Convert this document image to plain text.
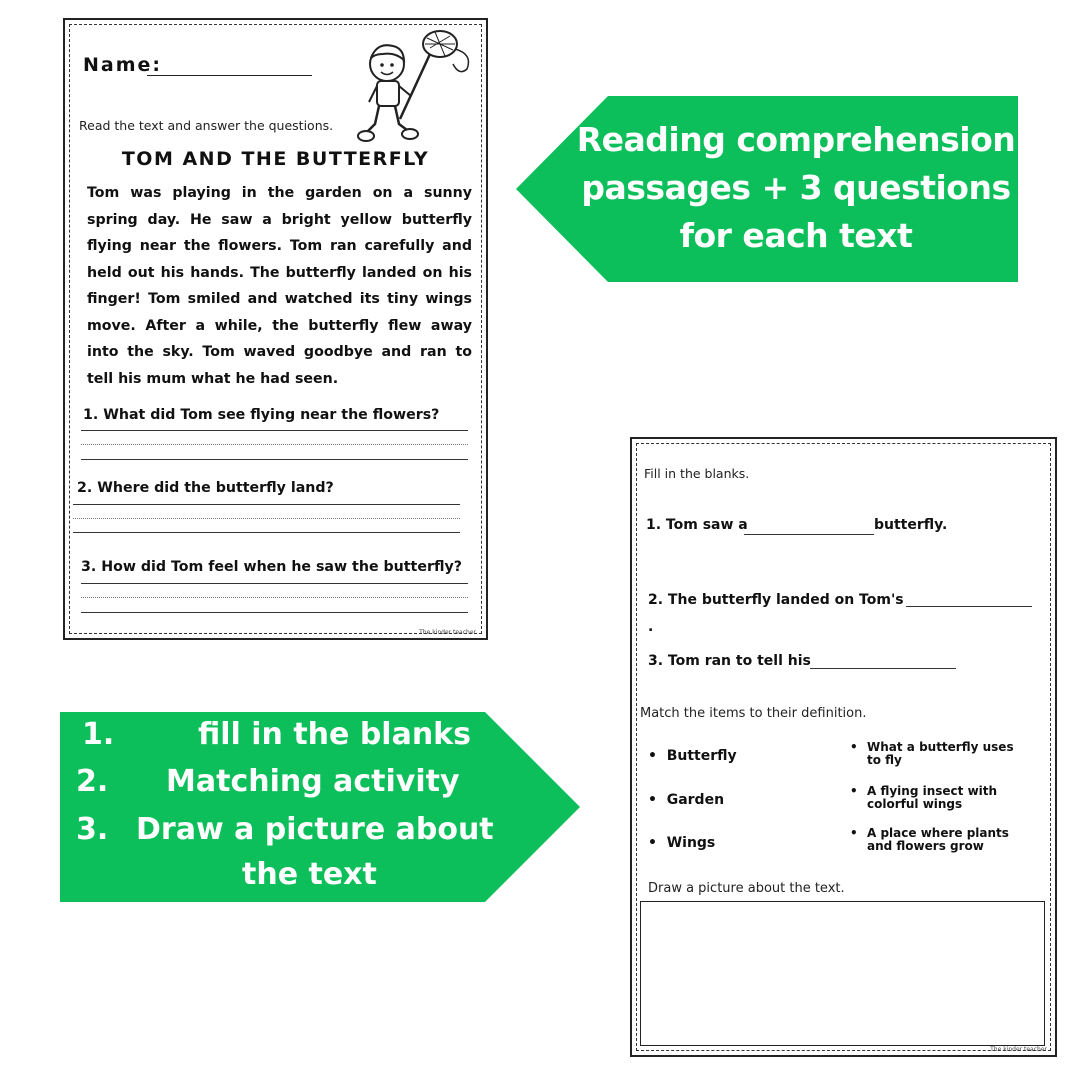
Name:
Read the text and answer the questions.
TOM AND THE BUTTERFLY
Tom was playing in the garden on a sunny spring day. He saw a bright yellow butterfly flying near the flowers. Tom ran carefully and held out his hands. The butterfly landed on his finger! Tom smiled and watched its tiny wings move. After a while, the butterfly flew away into the sky. Tom waved goodbye and ran to tell his mum what he had seen.
1. What did Tom see flying near the flowers?
2. Where did the butterfly land?
3. How did Tom feel when he saw the butterfly?
The kinder teacher
Fill in the blanks.
1. Tom saw a	butterfly.
2. The butterfly landed on Tom's
.
3. Tom ran to tell his
Match the items to their definition.
•  Butterfly
•  Garden
•  Wings
• What a butterfly uses to fly
• A flying insect with colorful wings
• A place where plants and flowers grow
Draw a picture about the text.
The kinder teacher
Reading comprehension
passages + 3 questions
for each text
1.	fill in the blanks
2. Matching activity
3. Draw a picture about
the text
